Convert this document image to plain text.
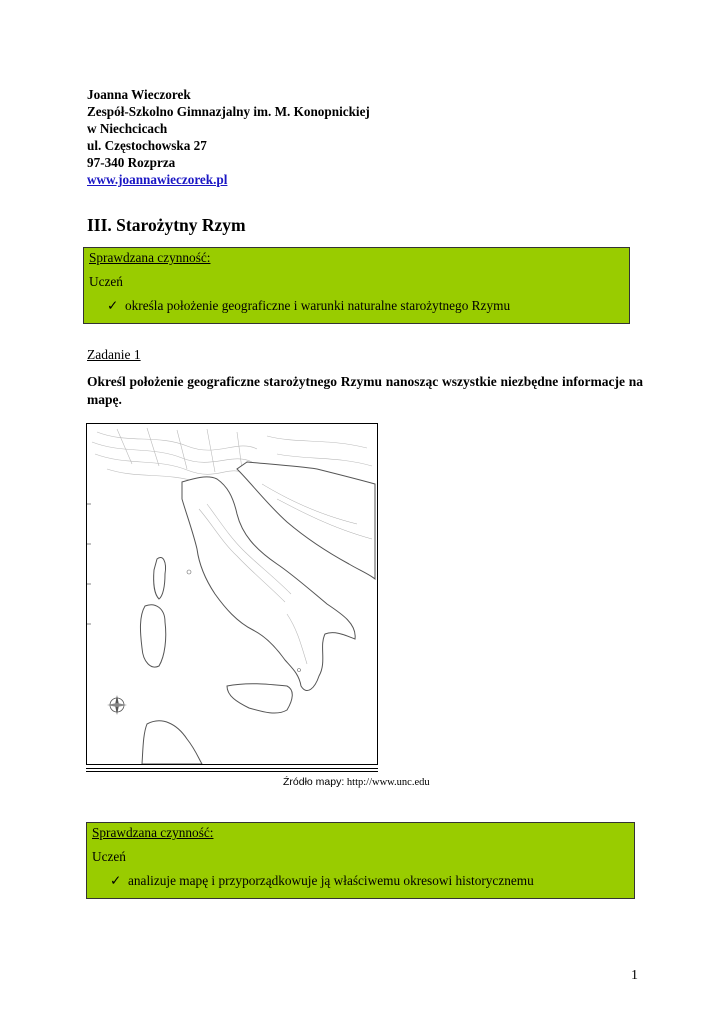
Joanna Wieczorek
Zespół-Szkolno Gimnazjalny im. M. Konopnickiej
w Niechcicach
ul. Częstochowska 27
97-340 Rozprza
www.joannawieczorek.pl
III. Starożytny Rzym
Sprawdzana czynność:
Uczeń
✓ określa położenie geograficzne i warunki naturalne starożytnego Rzymu
Zadanie 1
Określ położenie geograficzne starożytnego Rzymu nanosząc wszystkie niezbędne informacje na mapę.
Źródło mapy: http://www.unc.edu
Sprawdzana czynność:
Uczeń
✓ analizuje mapę i przyporządkowuje ją właściwemu okresowi historycznemu
1
